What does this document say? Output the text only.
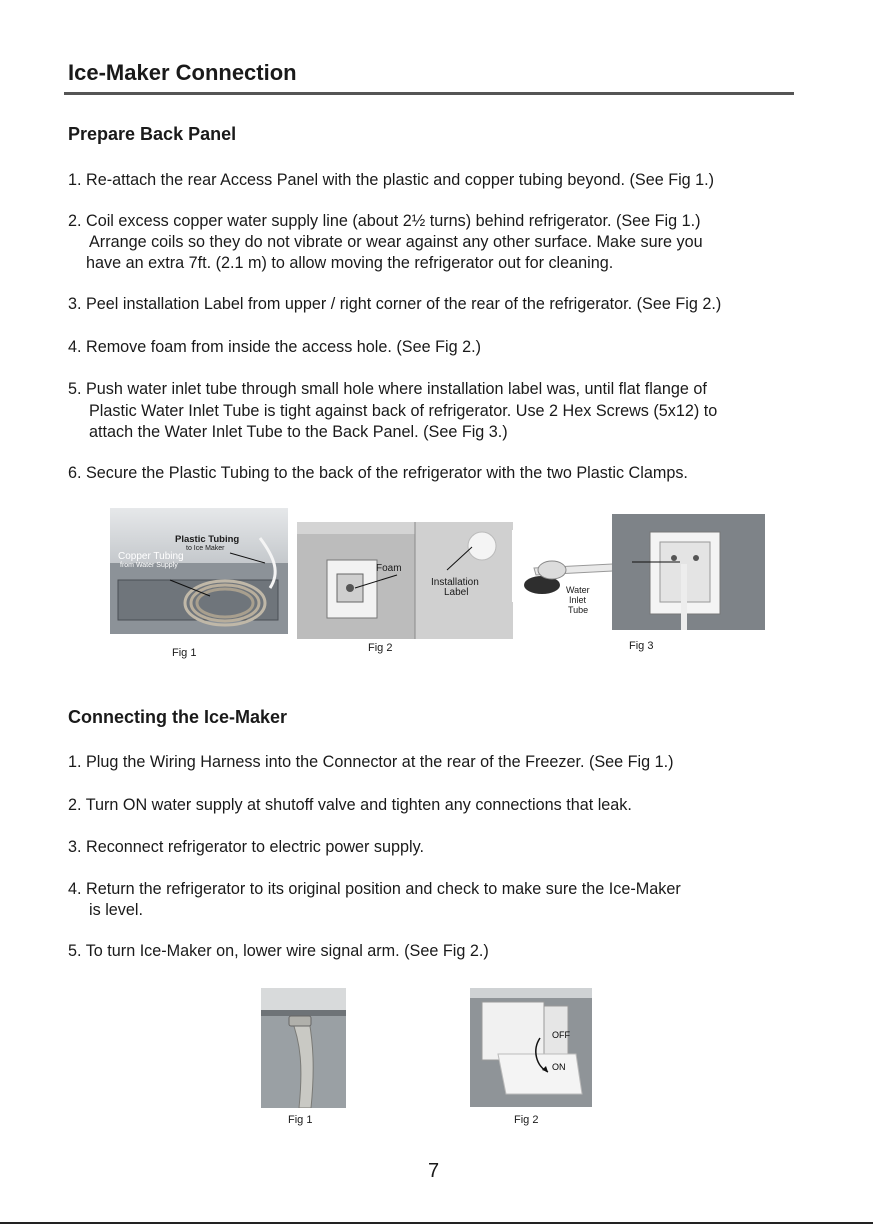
Ice-Maker Connection
Prepare Back Panel
1. Re-attach the rear Access Panel with the plastic and copper tubing beyond. (See Fig 1.)
2. Coil excess copper water supply line (about 2½ turns) behind refrigerator. (See Fig 1.)
Arrange coils so they do not vibrate or wear against any other surface. Make sure you
have an extra 7ft. (2.1 m) to allow moving the refrigerator out for cleaning.
3. Peel installation Label from upper / right corner of the rear of the refrigerator. (See Fig 2.)
4. Remove foam from inside the access hole. (See Fig 2.)
5. Push water inlet tube through small hole where installation label was, until flat flange of
Plastic Water Inlet Tube is tight against back of refrigerator. Use 2 Hex Screws (5x12) to
attach the Water Inlet Tube to the Back Panel. (See Fig 3.)
6. Secure the Plastic Tubing to the back of the refrigerator with the two Plastic Clamps.
Plastic Tubing
to Ice Maker
Copper Tubing
from Water Supply
Fig 1
Foam
Installation
Label
Fig 2
Water
Inlet
Tube
Fig 3
Connecting the Ice-Maker
1. Plug the Wiring Harness into the Connector at the rear of the Freezer. (See Fig 1.)
2. Turn ON water supply at shutoff valve and tighten any connections that leak.
3. Reconnect refrigerator to electric power supply.
4. Return the refrigerator to its original position and check to make sure the Ice-Maker
is level.
5. To turn Ice-Maker on, lower wire signal arm. (See Fig 2.)
Fig 1
OFF
ON
Fig 2
7
